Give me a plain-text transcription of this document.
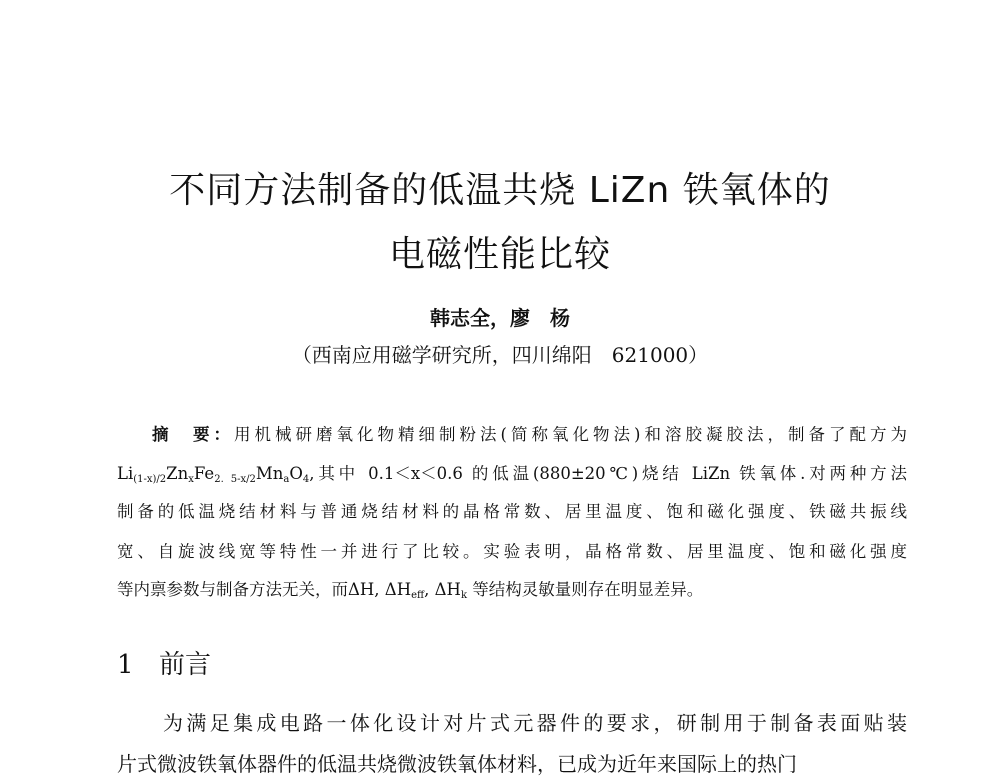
不同方法制备的低温共烧 LiZn 铁氧体的
电磁性能比较
韩志全，廖　杨
（西南应用磁学研究所，四川绵阳　621000）
摘　要：用机械研磨氧化物精细制粉法(简称氧化物法)和溶胶凝胶法，制备了配方为
$Li_{(1-x)/2}Zn_xFe_{2. 5-x/2}Mn_aO_4$,其中 0.1＜x＜0.6 的低温(880±20℃)烧结 LiZn 铁氧体.对两种方法
制备的低温烧结材料与普通烧结材料的晶格常数、居里温度、饱和磁化强度、铁磁共振线
宽、自旋波线宽等特性一并进行了比较。实验表明，晶格常数、居里温度、饱和磁化强度
等内禀参数与制备方法无关，而ΔH, $\Delta H_{eff}$, $\Delta H_k$ 等结构灵敏量则存在明显差异。
1 前言
为满足集成电路一体化设计对片式元器件的要求，研制用于制备表面贴装
片式微波铁氧体器件的低温共烧微波铁氧体材料，已成为近年来国际上的热门
